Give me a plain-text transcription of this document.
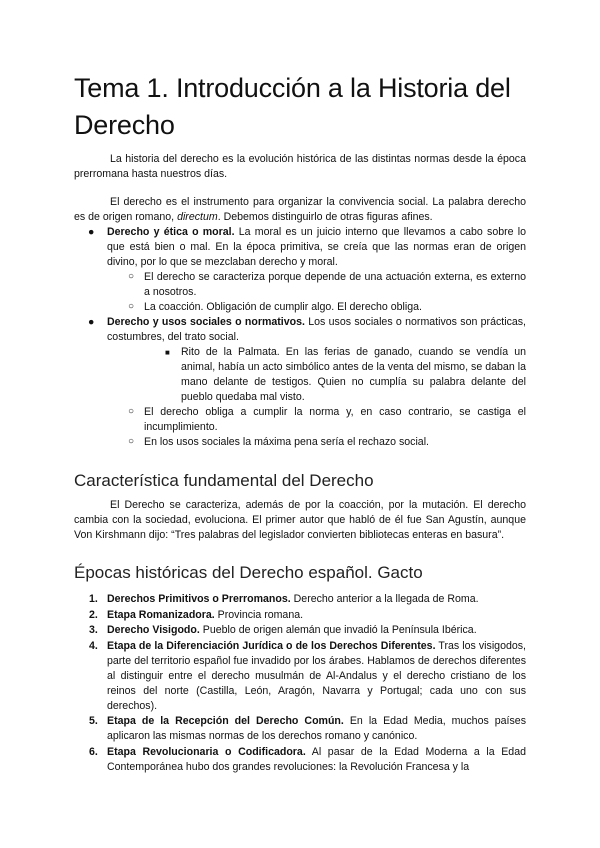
Tema 1. Introducción a la Historia del Derecho

La historia del derecho es la evolución histórica de las distintas normas desde la época prerromana hasta nuestros días.

El derecho es el instrumento para organizar la convivencia social. La palabra derecho es de origen romano, directum. Debemos distinguirlo de otras figuras afines.

● Derecho y ética o moral. La moral es un juicio interno que llevamos a cabo sobre lo que está bien o mal. En la época primitiva, se creía que las normas eran de origen divino, por lo que se mezclaban derecho y moral.
○ El derecho se caracteriza porque depende de una actuación externa, es externo a nosotros.
○ La coacción. Obligación de cumplir algo. El derecho obliga.
● Derecho y usos sociales o normativos. Los usos sociales o normativos son prácticas, costumbres, del trato social.
■ Rito de la Palmata. En las ferias de ganado, cuando se vendía un animal, había un acto simbólico antes de la venta del mismo, se daban la mano delante de testigos. Quien no cumplía su palabra delante del pueblo quedaba mal visto.
○ El derecho obliga a cumplir la norma y, en caso contrario, se castiga el incumplimiento.
○ En los usos sociales la máxima pena sería el rechazo social.
Característica fundamental del Derecho

El Derecho se caracteriza, además de por la coacción, por la mutación. El derecho cambia con la sociedad, evoluciona. El primer autor que habló de él fue San Agustín, aunque Von Kirshmann dijo: “Tres palabras del legislador convierten bibliotecas enteras en basura”.

Épocas históricas del Derecho español. Gacto
1. Derechos Primitivos o Prerromanos. Derecho anterior a la llegada de Roma.
2. Etapa Romanizadora. Provincia romana.
3. Derecho Visigodo. Pueblo de origen alemán que invadió la Península Ibérica.
4. Etapa de la Diferenciación Jurídica o de los Derechos Diferentes. Tras los visigodos, parte del territorio español fue invadido por los árabes. Hablamos de derechos diferentes al distinguir entre el derecho musulmán de Al-Andalus y el derecho cristiano de los reinos del norte (Castilla, León, Aragón, Navarra y Portugal; cada uno con sus derechos).
5. Etapa de la Recepción del Derecho Común. En la Edad Media, muchos países aplicaron las mismas normas de los derechos romano y canónico.
6. Etapa Revolucionaria o Codificadora. Al pasar de la Edad Moderna a la Edad Contemporánea hubo dos grandes revoluciones: la Revolución Francesa y la
